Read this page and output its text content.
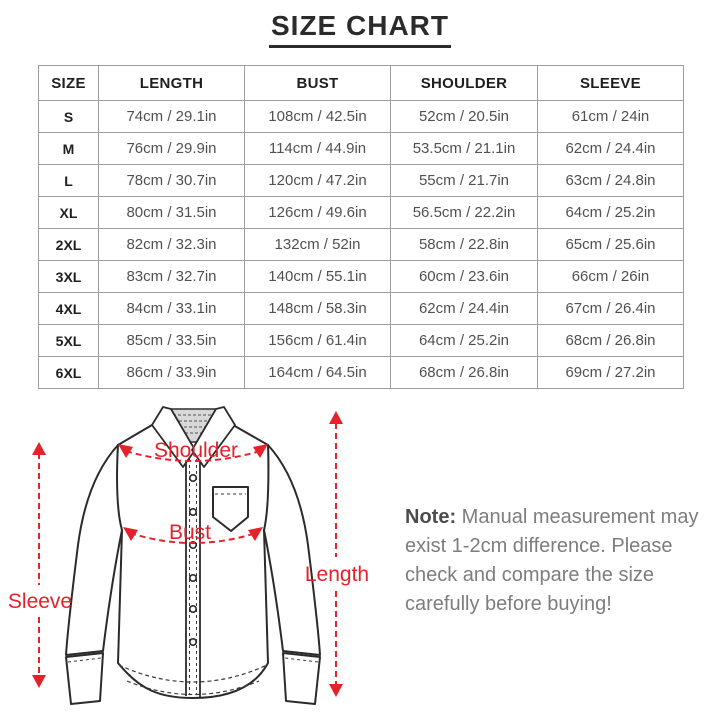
SIZE CHART
SIZE	LENGTH	BUST	SHOULDER	SLEEVE
S	74cm / 29.1in	108cm / 42.5in	52cm / 20.5in	61cm / 24in
M	76cm / 29.9in	114cm / 44.9in	53.5cm / 21.1in	62cm / 24.4in
L	78cm / 30.7in	120cm / 47.2in	55cm / 21.7in	63cm / 24.8in
XL	80cm / 31.5in	126cm / 49.6in	56.5cm / 22.2in	64cm / 25.2in
2XL	82cm / 32.3in	132cm / 52in	58cm / 22.8in	65cm / 25.6in
3XL	83cm / 32.7in	140cm / 55.1in	60cm / 23.6in	66cm / 26in
4XL	84cm / 33.1in	148cm / 58.3in	62cm / 24.4in	67cm / 26.4in
5XL	85cm / 33.5in	156cm / 61.4in	64cm / 25.2in	68cm / 26.8in
6XL	86cm / 33.9in	164cm / 64.5in	68cm / 26.8in	69cm / 27.2in
Shoulder
Bust
Sleeve
Length
Note: Manual measurement may exist 1-2cm difference. Please check and compare the size carefully before buying!
